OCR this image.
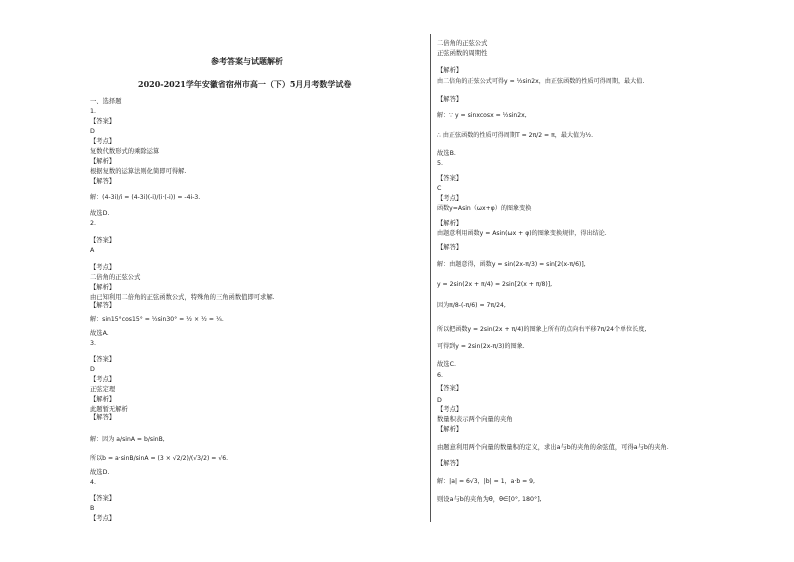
参考答案与试题解析
2020-2021学年安徽省宿州市高一（下）5月月考数学试卷
一、选择题
1.
【答案】
D
【考点】
复数代数形式的乘除运算
【解析】
根据复数的运算法则化简即可得解.
【解答】
解：(4-3i)/i = (4-3i)(-i)/(i·(-i)) = -4i-3.
故选D.
2.
【答案】
A
【考点】
二倍角的正弦公式
【解析】
由已知利用二倍角的正弦函数公式，特殊角的三角函数值即可求解.
【解答】
解：sin15°cos15° = ½sin30° = ½ × ½ = ¼.
故选A.
3.
【答案】
D
【考点】
正弦定理
【解析】
此题暂无解析
【解答】
解：因为 a/sinA = b/sinB,
所以b = a·sinB/sinA = (3 × √2/2)/(√3/2) = √6.
故选D.
4.
【答案】
B
【考点】
二倍角的正弦公式
正弦函数的周期性
【解析】
由二倍角的正弦公式可得y = ½sin2x，由正弦函数的性质可得周期，最大值.
【解答】
解：∵ y = sinxcosx = ½sin2x,
∴ 由正弦函数的性质可得周期T = 2π/2 = π，最大值为½.
故选B.
5.
【答案】
C
【考点】
函数y=Asin（ωx+φ）的图象变换
【解析】
由题意利用函数y = Asin(ωx + φ)的图象变换规律，得出结论.
【解答】
解：由题意得，函数y = sin(2x-π/3) = sin[2(x-π/6)],
y = 2sin(2x + π/4) = 2sin[2(x + π/8)],
因为π/8-(-π/6) = 7π/24,
所以把函数y = 2sin(2x + π/4)的图象上所有的点向右平移7π/24个单位长度,
可得到y = 2sin(2x-π/3)的图象.
故选C.
6.
【答案】
D
【考点】
数量积表示两个向量的夹角
【解析】
由题意利用两个向量的数量积的定义，求出a与b的夹角的余弦值，可得a与b的夹角.
【解答】
解：|a| = 6√3，|b| = 1，a·b = 9,
则设a与b的夹角为θ，θ∈[0°, 180°],
